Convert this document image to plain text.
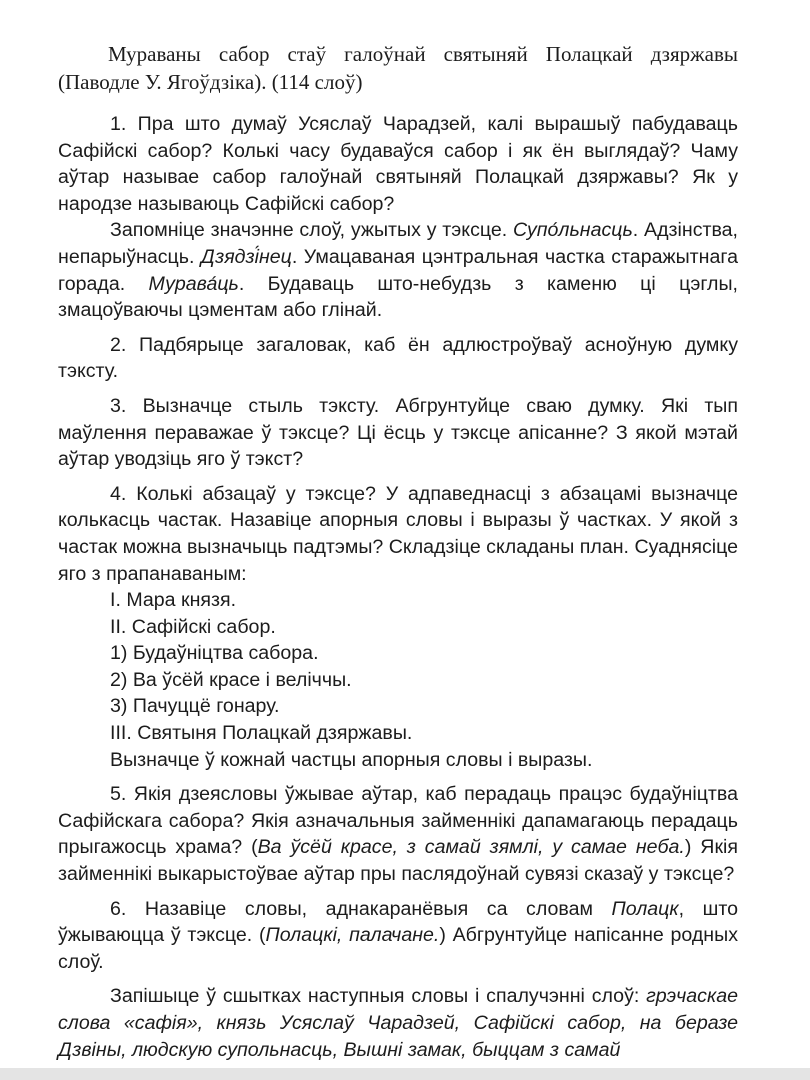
Мураваны сабор стаў галоўнай святыняй Полацкай дзяржавы (Паводле У. Ягоўдзіка). (114 слоў)

1. Пра што думаў Усяслаў Чарадзей, калі вырашыў пабудаваць Сафійскі сабор? Колькі часу будаваўся сабор і як ён выглядаў? Чаму аўтар называе сабор галоўнай святыняй Полацкай дзяржавы? Як у народзе называюць Сафійскі сабор?

Запомніце значэнне слоў, ужытых у тэксце. Супо́льнасць. Адзінства, непарыўнасць. Дзядзі́нец. Умацаваная цэнтральная частка старажытнага горада. Мурава́ць. Будаваць што-небудзь з каменю ці цэглы, змацоўваючы цэментам або глінай.

2. Падбярыце загаловак, каб ён адлюстроўваў асноўную думку тэксту.

3. Вызначце стыль тэксту. Абгрунтуйце сваю думку. Які тып маўлення пераважае ў тэксце? Ці ёсць у тэксце апісанне? З якой мэтай аўтар уводзіць яго ў тэкст?

4. Колькі абзацаў у тэксце? У адпаведнасці з абзацамі вызначце колькасць частак. Назавіце апорныя словы і выразы ў частках. У якой з частак можна вызначыць падтэмы? Складзіце складаны план. Суаднясіце яго з прапанаваным:

I. Мара князя.
II. Сафійскі сабор.
1) Будаўніцтва сабора.
2) Ва ўсёй красе і веліччы.
3) Пачуццё гонару.
III. Святыня Полацкай дзяржавы.
Вызначце ў кожнай частцы апорныя словы і выразы.

5. Якія дзеясловы ўжывае аўтар, каб перадаць працэс будаўніцтва Сафійскага сабора? Якія азначальныя займеннікі дапамагаюць перадаць прыгажосць храма? (Ва ўсёй красе, з самай зямлі, у самае неба.) Якія займеннікі выкарыстоўвае аўтар пры паслядоўнай сувязі сказаў у тэксце?

6. Назавіце словы, аднакаранёвыя са словам Полацк, што ўжываюцца ў тэксце. (Полацкі, палачане.) Абгрунтуйце напісанне родных слоў.

Запішыце ў сшытках наступныя словы і спалучэнні слоў: грэчаскае слова «сафія», князь Усяслаў Чарадзей, Сафійскі сабор, на беразе Дзвіны, людскую супольнасць, Вышні замак, быццам з самай
